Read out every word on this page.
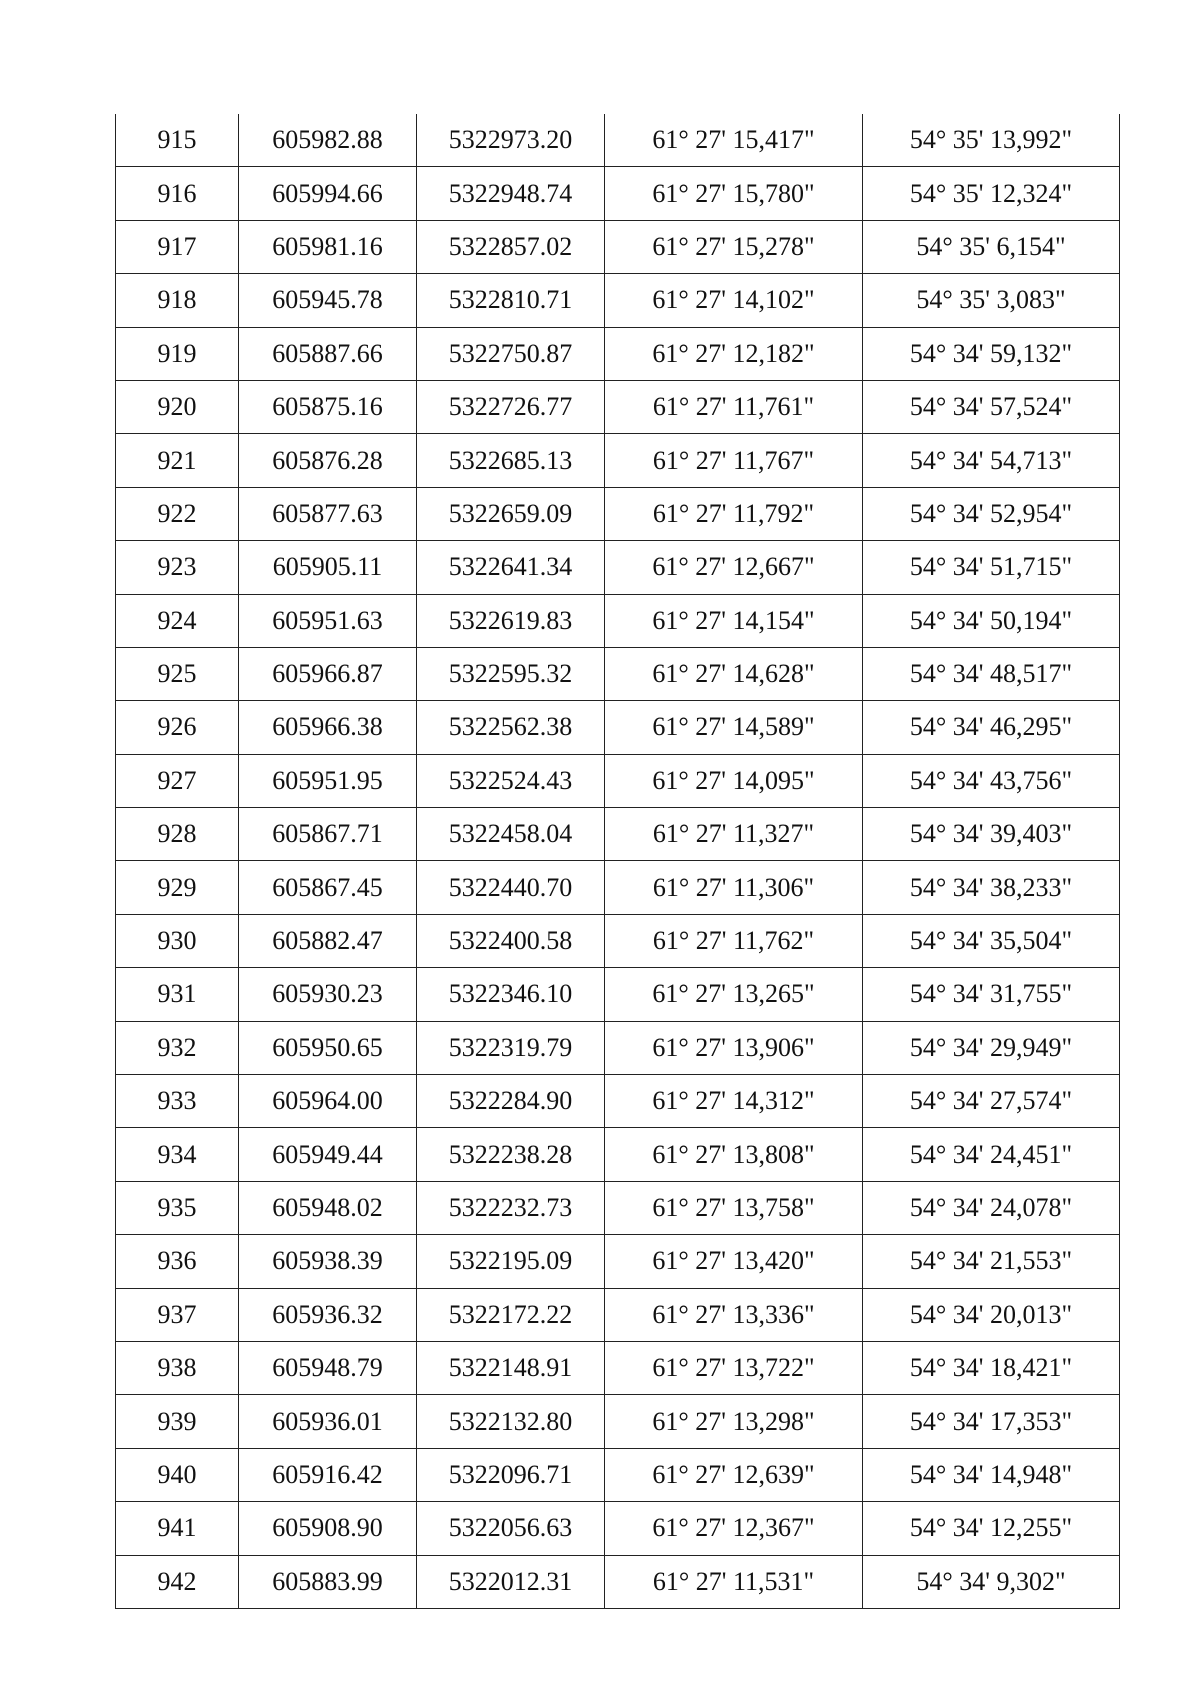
915	605982.88	5322973.20	61° 27' 15,417"	54° 35' 13,992"
916	605994.66	5322948.74	61° 27' 15,780"	54° 35' 12,324"
917	605981.16	5322857.02	61° 27' 15,278"	54° 35' 6,154"
918	605945.78	5322810.71	61° 27' 14,102"	54° 35' 3,083"
919	605887.66	5322750.87	61° 27' 12,182"	54° 34' 59,132"
920	605875.16	5322726.77	61° 27' 11,761"	54° 34' 57,524"
921	605876.28	5322685.13	61° 27' 11,767"	54° 34' 54,713"
922	605877.63	5322659.09	61° 27' 11,792"	54° 34' 52,954"
923	605905.11	5322641.34	61° 27' 12,667"	54° 34' 51,715"
924	605951.63	5322619.83	61° 27' 14,154"	54° 34' 50,194"
925	605966.87	5322595.32	61° 27' 14,628"	54° 34' 48,517"
926	605966.38	5322562.38	61° 27' 14,589"	54° 34' 46,295"
927	605951.95	5322524.43	61° 27' 14,095"	54° 34' 43,756"
928	605867.71	5322458.04	61° 27' 11,327"	54° 34' 39,403"
929	605867.45	5322440.70	61° 27' 11,306"	54° 34' 38,233"
930	605882.47	5322400.58	61° 27' 11,762"	54° 34' 35,504"
931	605930.23	5322346.10	61° 27' 13,265"	54° 34' 31,755"
932	605950.65	5322319.79	61° 27' 13,906"	54° 34' 29,949"
933	605964.00	5322284.90	61° 27' 14,312"	54° 34' 27,574"
934	605949.44	5322238.28	61° 27' 13,808"	54° 34' 24,451"
935	605948.02	5322232.73	61° 27' 13,758"	54° 34' 24,078"
936	605938.39	5322195.09	61° 27' 13,420"	54° 34' 21,553"
937	605936.32	5322172.22	61° 27' 13,336"	54° 34' 20,013"
938	605948.79	5322148.91	61° 27' 13,722"	54° 34' 18,421"
939	605936.01	5322132.80	61° 27' 13,298"	54° 34' 17,353"
940	605916.42	5322096.71	61° 27' 12,639"	54° 34' 14,948"
941	605908.90	5322056.63	61° 27' 12,367"	54° 34' 12,255"
942	605883.99	5322012.31	61° 27' 11,531"	54° 34' 9,302"
